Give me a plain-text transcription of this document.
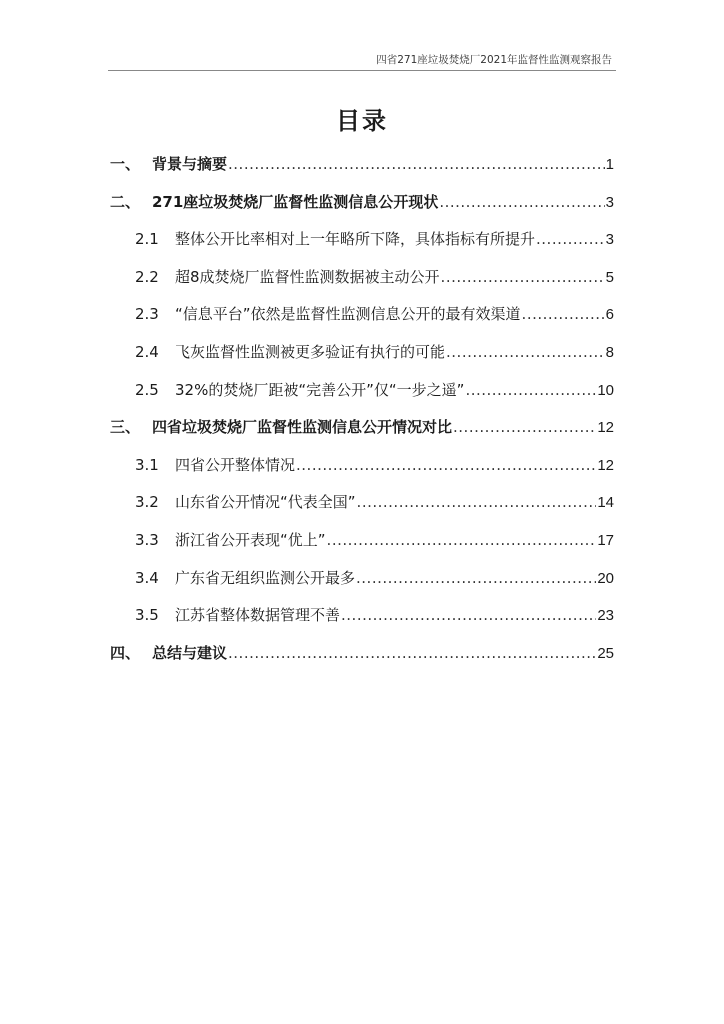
四省271座垃圾焚烧厂2021年监督性监测观察报告
目录
一、 背景与摘要 .....	1
二、 271座垃圾焚烧厂监督性监测信息公开现状 .....	3
2.1	整体公开比率相对上一年略所下降，具体指标有所提升 .....	3
2.2	超8成焚烧厂监督性监测数据被主动公开 .....	5
2.3	“信息平台”依然是监督性监测信息公开的最有效渠道 .....	6
2.4	飞灰监督性监测被更多验证有执行的可能 .....	8
2.5	32%的焚烧厂距被“完善公开”仅“一步之遥” .....	10
三、 四省垃圾焚烧厂监督性监测信息公开情况对比 .....	12
3.1	四省公开整体情况 .....	12
3.2	山东省公开情况“代表全国” .....	14
3.3	浙江省公开表现“优上” .....	17
3.4	广东省无组织监测公开最多 .....	20
3.5	江苏省整体数据管理不善 .....	23
四、 总结与建议 .....	25
